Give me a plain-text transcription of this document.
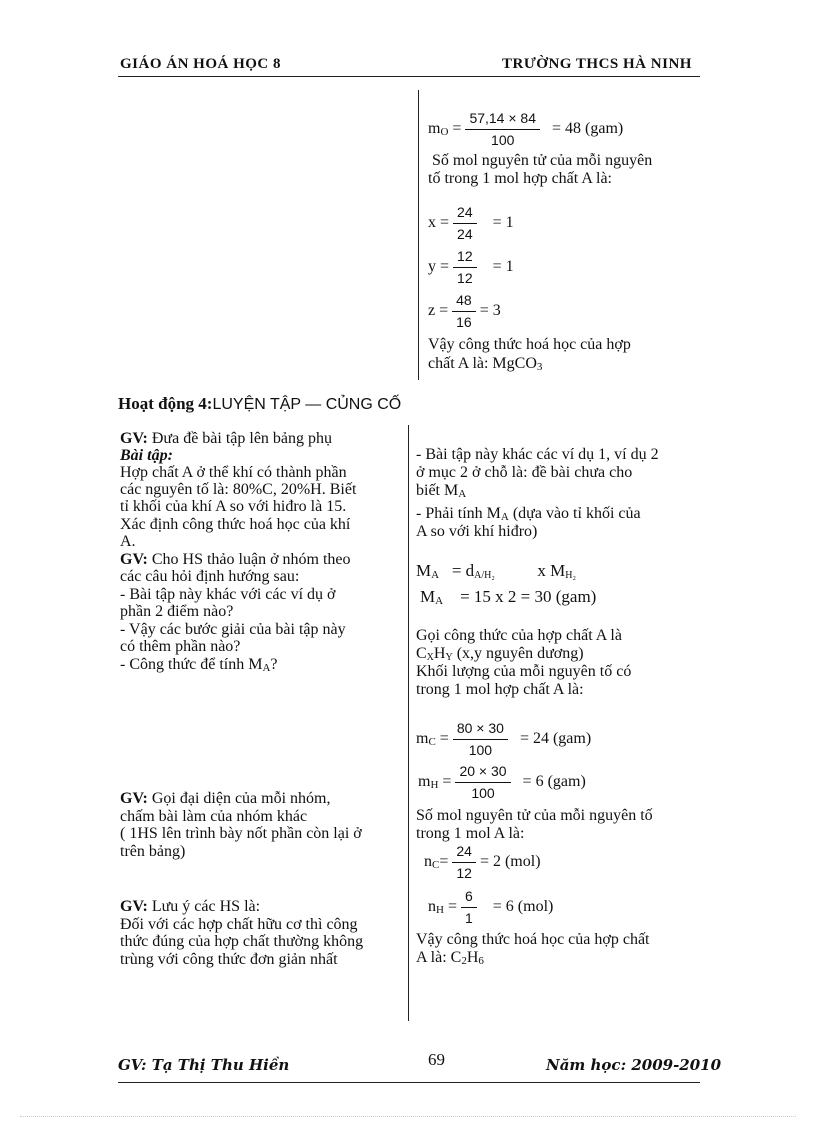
GIÁO ÁN HOÁ HỌC 8	TRƯỜNG THCS HÀ NINH
mO = $\frac{57,14 \times 84}{100} = 48$ (gam)
Số mol nguyên tử của mỗi nguyên
tố trong 1 mol hợp chất A là:
$x = \frac{24}{24} = 1$
$y = \frac{12}{12} = 1$
$z = \frac{48}{16} = 3$
Vậy công thức hoá học của hợp
chất A là: MgCO3
Hoạt động 4:LUYỆN TẬP — CỦNG CỐ
GV: Đưa đề bài tập lên bảng phụ
Bài tập:
Hợp chất A ở thể khí có thành phần
các nguyên tố là: 80%C, 20%H. Biết
tỉ khối của khí A so với hiđro là 15.
Xác định công thức hoá học của khí
A.
GV: Cho HS thảo luận ở nhóm theo
các câu hỏi định hướng sau:
- Bài tập này khác với các ví dụ ở
phần 2 điểm nào?
- Vậy các bước giải của bài tập này
có thêm phần nào?
- Công thức để tính MA?
GV: Gọi đại diện của mỗi nhóm,
chấm bài làm của nhóm khác
( 1HS lên trình bày nốt phần còn lại ở
trên bảng)
GV: Lưu ý các HS là:
Đối với các hợp chất hữu cơ thì công
thức đúng của hợp chất thường không
trùng với công thức đơn giản nhất
- Bài tập này khác các ví dụ 1, ví dụ 2
ở mục 2 ở chỗ là: đề bài chưa cho
biết MA
- Phải tính MA (dựa vào tỉ khối của
A so với khí hiđro)
MA = dA/H₂	x MH₂
MA = 15 x 2 = 30 (gam)
Gọi công thức của hợp chất A là
CXHY (x,y nguyên dương)
Khối lượng của mỗi nguyên tố có
trong 1 mol hợp chất A là:
mC = $\frac{80 \times 30}{100} = 24$ (gam)
mH = $\frac{20 \times 30}{100} = 6$ (gam)
Số mol nguyên tử của mỗi nguyên tố
trong 1 mol A là:
$nC= \frac{24}{12} = 2$ (mol)
nH = $\frac{6}{1} = 6$ (mol)
Vậy công thức hoá học của hợp chất
A là: C2H6
GV: Tạ Thị Thu Hiền	69	Năm học: 2009-2010
